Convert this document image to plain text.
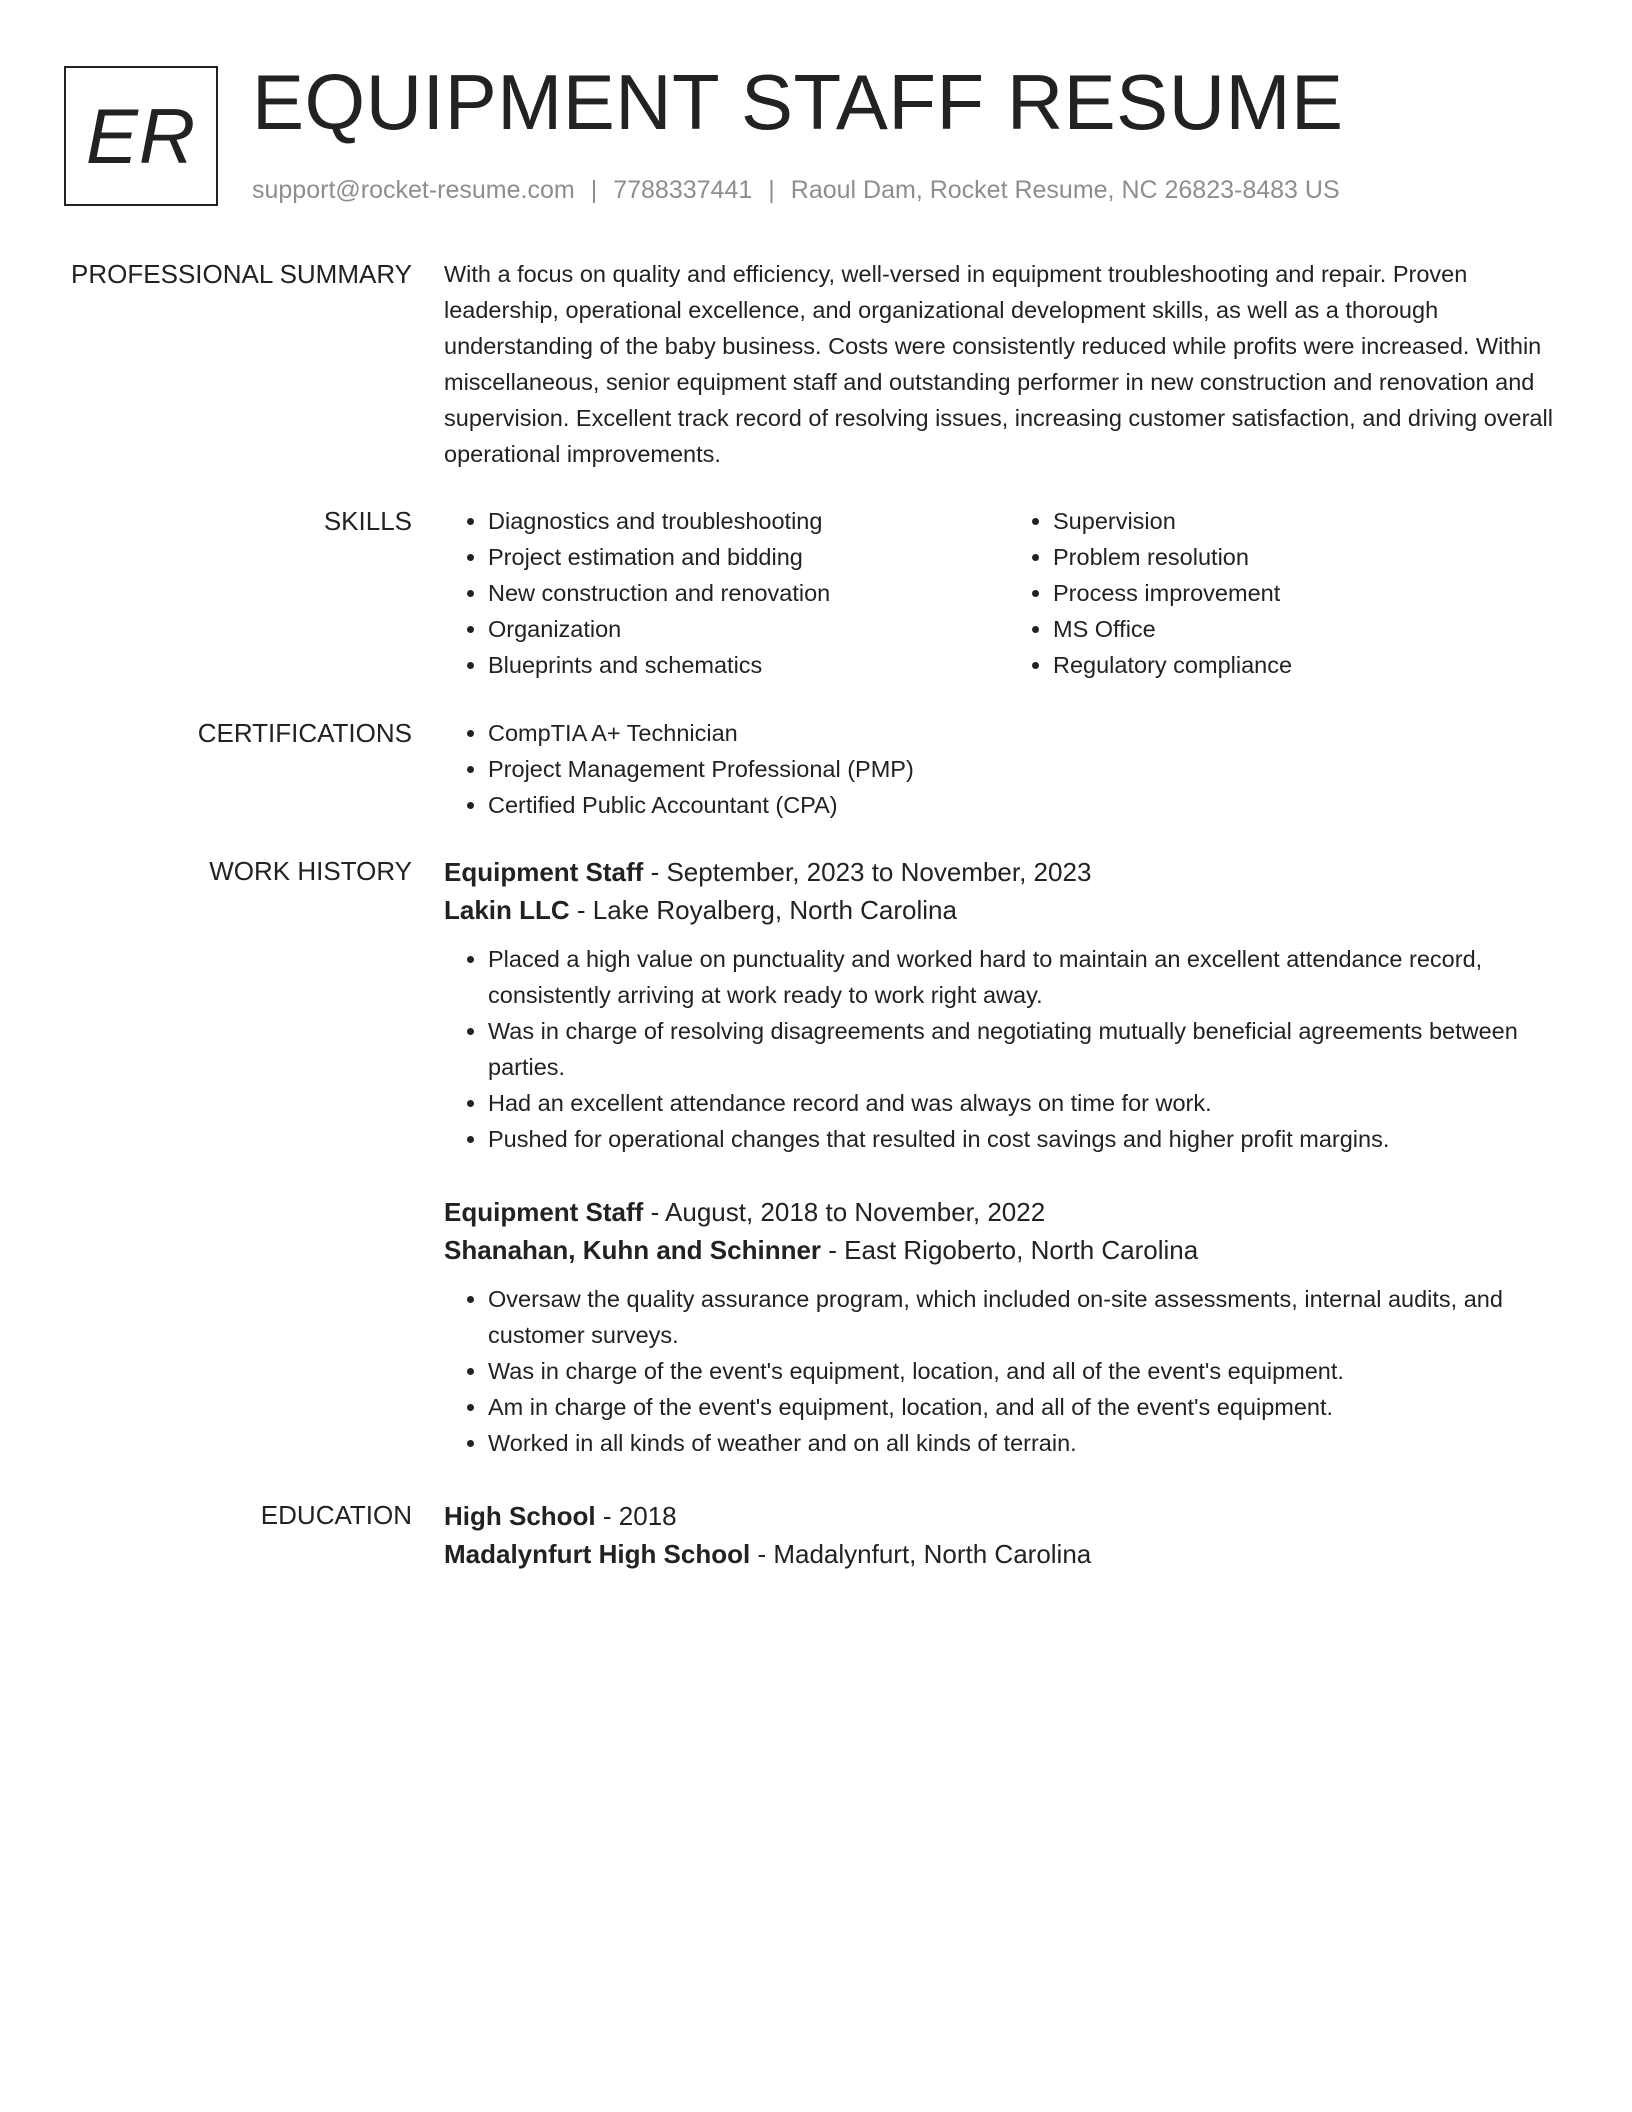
ER EQUIPMENT STAFF RESUME
support@rocket-resume.com | 7788337441 | Raoul Dam, Rocket Resume, NC 26823-8483 US
PROFESSIONAL SUMMARY With a focus on quality and efficiency, well-versed in equipment troubleshooting and repair. Proven leadership, operational excellence, and organizational development skills, as well as a thorough understanding of the baby business. Costs were consistently reduced while profits were increased. Within miscellaneous, senior equipment staff and outstanding performer in new construction and renovation and supervision. Excellent track record of resolving issues, increasing customer satisfaction, and driving overall operational improvements.

SKILLS	• Diagnostics and troubleshooting
• Project estimation and bidding
• New construction and renovation
• Organization
• Blueprints and schematics
• Supervision
• Problem resolution
• Process improvement
• MS Office
• Regulatory compliance
CERTIFICATIONS	• CompTIA A+ Technician
• Project Management Professional (PMP)
• Certified Public Accountant (CPA)
WORK HISTORY Equipment Staff - September, 2023 to November, 2023
Lakin LLC - Lake Royalberg, North Carolina
• Placed a high value on punctuality and worked hard to maintain an excellent attendance record, consistently arriving at work ready to work right away.
• Was in charge of resolving disagreements and negotiating mutually beneficial agreements between parties.
• Had an excellent attendance record and was always on time for work.
• Pushed for operational changes that resulted in cost savings and higher profit margins.
Equipment Staff - August, 2018 to November, 2022
Shanahan, Kuhn and Schinner - East Rigoberto, North Carolina
• Oversaw the quality assurance program, which included on-site assessments, internal audits, and customer surveys.
• Was in charge of the event's equipment, location, and all of the event's equipment.
• Am in charge of the event's equipment, location, and all of the event's equipment.
• Worked in all kinds of weather and on all kinds of terrain.
EDUCATION High School - 2018
Madalynfurt High School - Madalynfurt, North Carolina
